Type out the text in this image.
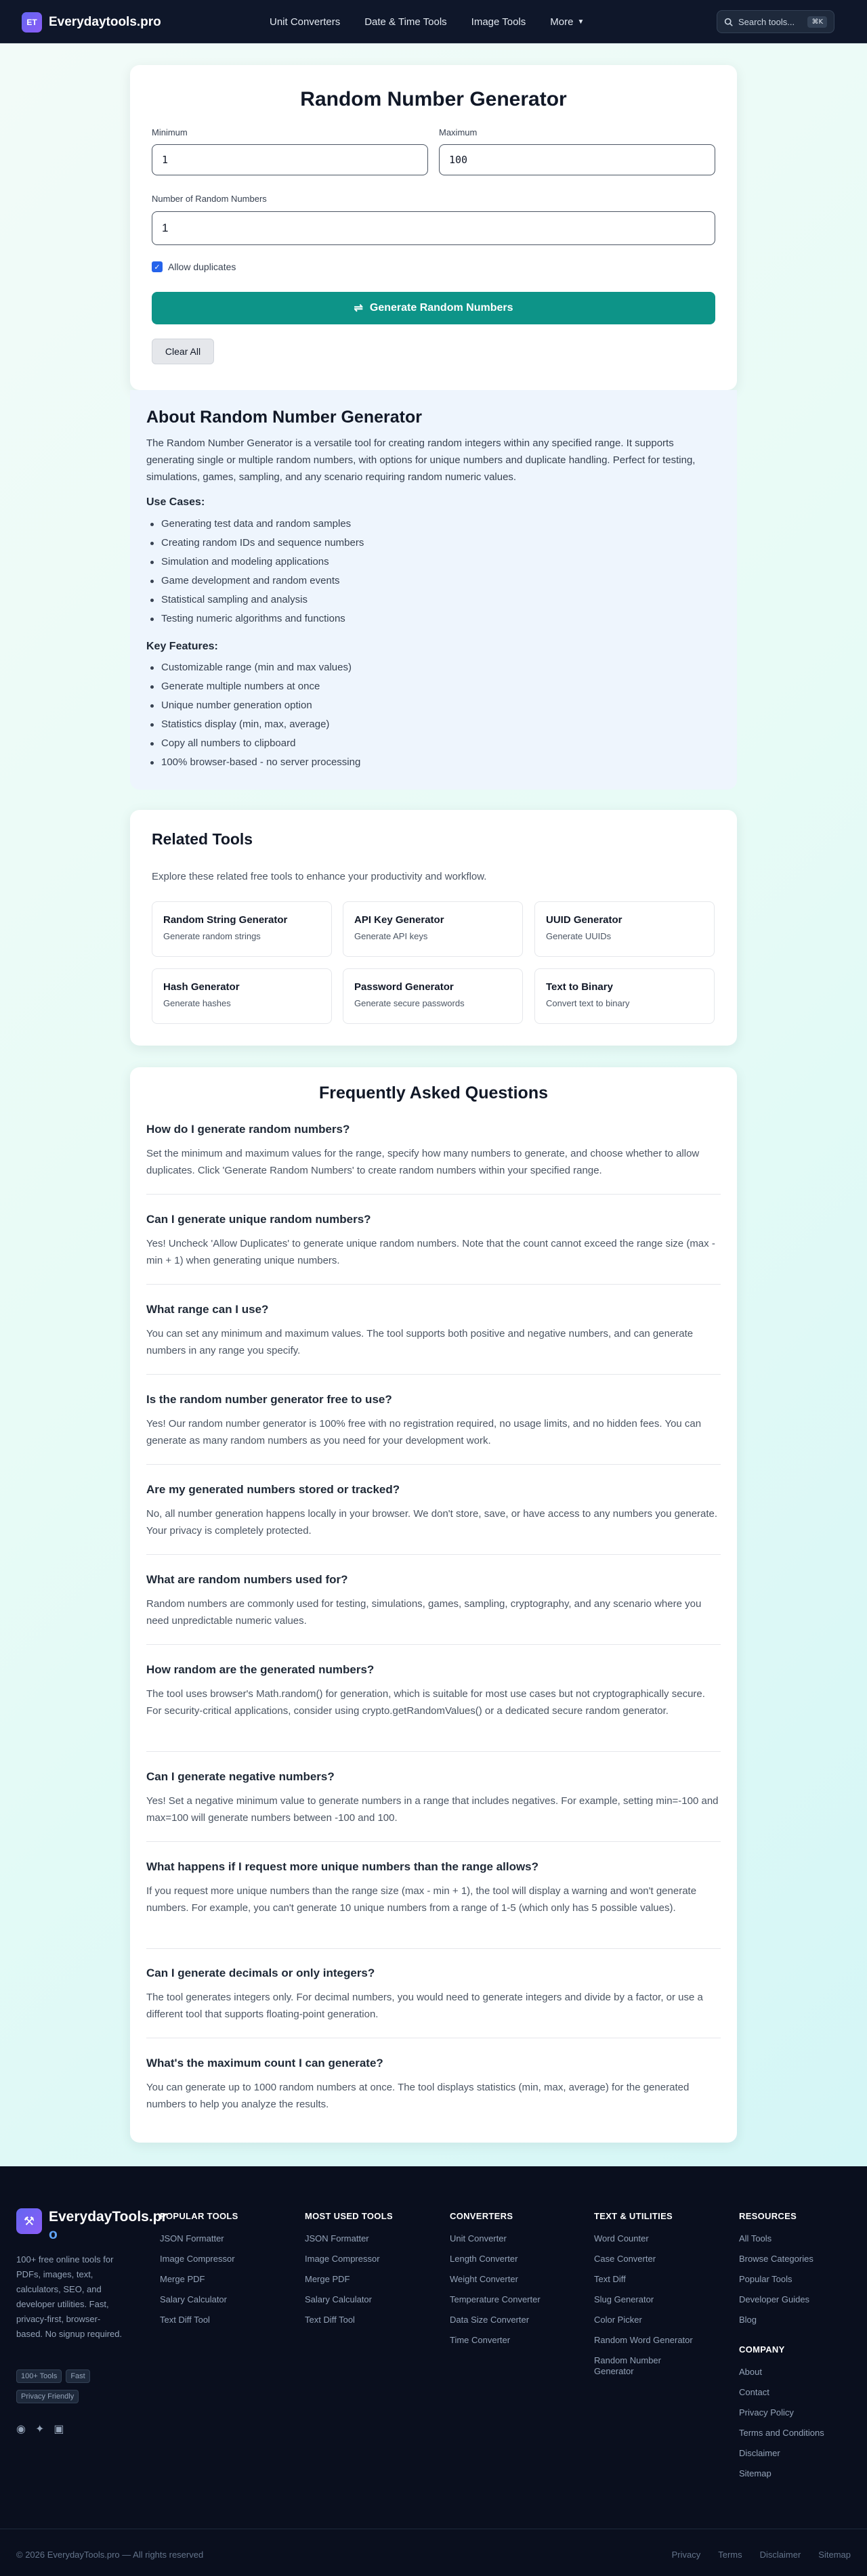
ET Everydaytools.pro	Unit Converters Date & Time Tools Image Tools More ▼	Search tools...	⌘K
Random Number Generator
Minimum
1	Maximum
100
Number of Random Numbers
1
✓ Allow duplicates
⇌ Generate Random Numbers
Clear All
About Random Number Generator
The Random Number Generator is a versatile tool for creating random integers within any specified range. It supports generating single or multiple random numbers, with options for unique numbers and duplicate handling. Perfect for testing, simulations, games, sampling, and any scenario requiring random numeric values.
Use Cases:
Generating test data and random samples
Creating random IDs and sequence numbers
Simulation and modeling applications
Game development and random events
Statistical sampling and analysis
Testing numeric algorithms and functions
Key Features:
Customizable range (min and max values)
Generate multiple numbers at once
Unique number generation option
Statistics display (min, max, average)
Copy all numbers to clipboard
100% browser-based - no server processing
Related Tools
Explore these related free tools to enhance your productivity and workflow.
Random String Generator
Generate random strings
API Key Generator
Generate API keys
UUID Generator
Generate UUIDs
Hash Generator
Generate hashes
Password Generator
Generate secure passwords
Text to Binary
Convert text to binary
Frequently Asked Questions
How do I generate random numbers?
Set the minimum and maximum values for the range, specify how many numbers to generate, and choose whether to allow duplicates. Click 'Generate Random Numbers' to create random numbers within your specified range.
Can I generate unique random numbers?
Yes! Uncheck 'Allow Duplicates' to generate unique random numbers. Note that the count cannot exceed the range size (max - min + 1) when generating unique numbers.
What range can I use?
You can set any minimum and maximum values. The tool supports both positive and negative numbers, and can generate numbers in any range you specify.
Is the random number generator free to use?
Yes! Our random number generator is 100% free with no registration required, no usage limits, and no hidden fees. You can generate as many random numbers as you need for your development work.
Are my generated numbers stored or tracked?
No, all number generation happens locally in your browser. We don't store, save, or have access to any numbers you generate. Your privacy is completely protected.
What are random numbers used for?
Random numbers are commonly used for testing, simulations, games, sampling, cryptography, and any scenario where you need unpredictable numeric values.
How random are the generated numbers?
The tool uses browser's Math.random() for generation, which is suitable for most use cases but not cryptographically secure. For security-critical applications, consider using crypto.getRandomValues() or a dedicated secure random generator.
Can I generate negative numbers?
Yes! Set a negative minimum value to generate numbers in a range that includes negatives. For example, setting min=-100 and max=100 will generate numbers between -100 and 100.
What happens if I request more unique numbers than the range allows?
If you request more unique numbers than the range size (max - min + 1), the tool will display a warning and won't generate numbers. For example, you can't generate 10 unique numbers from a range of 1-5 (which only has 5 possible values).
Can I generate decimals or only integers?
The tool generates integers only. For decimal numbers, you would need to generate integers and divide by a factor, or use a different tool that supports floating-point generation.
What's the maximum count I can generate?
You can generate up to 1000 random numbers at once. The tool displays statistics (min, max, average) for the generated numbers to help you analyze the results.
⚒ EverydayTools.pr
o
100+ free online tools for PDFs, images, text, calculators, SEO, and developer utilities. Fast, privacy-first, browser-based. No signup required.
100+ Tools Fast
Privacy Friendly
◉ ✦ ▣
POPULAR TOOLS
JSON Formatter
Image Compressor
Merge PDF
Salary Calculator
Text Diff Tool
MOST USED TOOLS
JSON Formatter
Image Compressor
Merge PDF
Salary Calculator
Text Diff Tool
CONVERTERS
Unit Converter
Length Converter
Weight Converter
Temperature Converter
Data Size Converter
Time Converter
TEXT & UTILITIES
Word Counter
Case Converter
Text Diff
Slug Generator
Color Picker
Random Word Generator
Random Number Generator
RESOURCES
All Tools
Browse Categories
Popular Tools
Developer Guides
Blog
COMPANY
About
Contact
Privacy Policy
Terms and Conditions
Disclaimer
Sitemap
© 2026 EverydayTools.pro — All rights reserved	Privacy Terms Disclaimer Sitemap
